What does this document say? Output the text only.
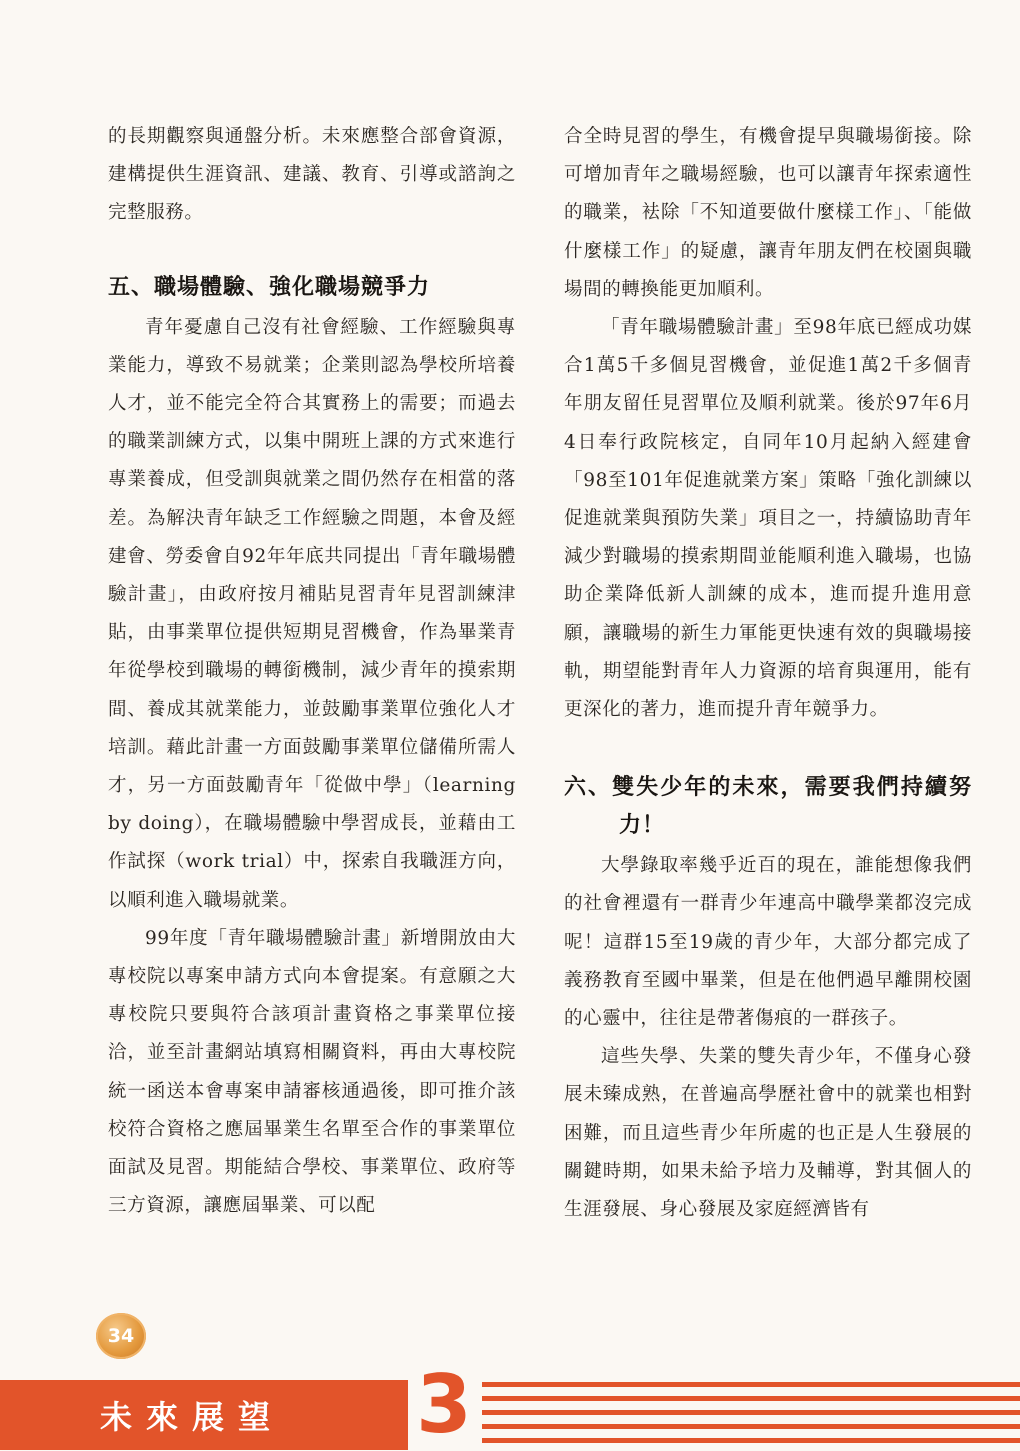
的長期觀察與通盤分析。未來應整合部會資源，建構提供生涯資訊、建議、教育、引導或諮詢之完整服務。

五、職場體驗、強化職場競爭力

青年憂慮自己沒有社會經驗、工作經驗與專業能力，導致不易就業；企業則認為學校所培養人才，並不能完全符合其實務上的需要；而過去的職業訓練方式，以集中開班上課的方式來進行專業養成，但受訓與就業之間仍然存在相當的落差。為解決青年缺乏工作經驗之問題，本會及經建會、勞委會自92年年底共同提出「青年職場體驗計畫」，由政府按月補貼見習青年見習訓練津貼，由事業單位提供短期見習機會，作為畢業青年從學校到職場的轉銜機制，減少青年的摸索期間、養成其就業能力，並鼓勵事業單位強化人才培訓。藉此計畫一方面鼓勵事業單位儲備所需人才，另一方面鼓勵青年「從做中學」（learning by doing），在職場體驗中學習成長，並藉由工作試探（work trial）中，探索自我職涯方向，以順利進入職場就業。

99年度「青年職場體驗計畫」新增開放由大專校院以專案申請方式向本會提案。有意願之大專校院只要與符合該項計畫資格之事業單位接洽，並至計畫網站填寫相關資料，再由大專校院統一函送本會專案申請審核通過後，即可推介該校符合資格之應屆畢業生名單至合作的事業單位面試及見習。期能結合學校、事業單位、政府等三方資源，讓應屆畢業、可以配

合全時見習的學生，有機會提早與職場銜接。除可增加青年之職場經驗，也可以讓青年探索適性的職業，袪除「不知道要做什麼樣工作」、「能做什麼樣工作」的疑慮，讓青年朋友們在校園與職場間的轉換能更加順利。

「青年職場體驗計畫」至98年底已經成功媒合1萬5千多個見習機會，並促進1萬2千多個青年朋友留任見習單位及順利就業。後於97年6月4日奉行政院核定，自同年10月起納入經建會「98至101年促進就業方案」策略「強化訓練以促進就業與預防失業」項目之一，持續協助青年減少對職場的摸索期間並能順利進入職場，也協助企業降低新人訓練的成本，進而提升進用意願，讓職場的新生力軍能更快速有效的與職場接軌，期望能對青年人力資源的培育與運用，能有更深化的著力，進而提升青年競爭力。

六、雙失少年的未來，需要我們持續努力！

大學錄取率幾乎近百的現在，誰能想像我們的社會裡還有一群青少年連高中職學業都沒完成呢！這群15至19歲的青少年，大部分都完成了義務教育至國中畢業，但是在他們過早離開校園的心靈中，往往是帶著傷痕的一群孩子。

這些失學、失業的雙失青少年，不僅身心發展未臻成熟，在普遍高學歷社會中的就業也相對困難，而且這些青少年所處的也正是人生發展的關鍵時期，如果未給予培力及輔導，對其個人的生涯發展、身心發展及家庭經濟皆有

34
未來展望 3
